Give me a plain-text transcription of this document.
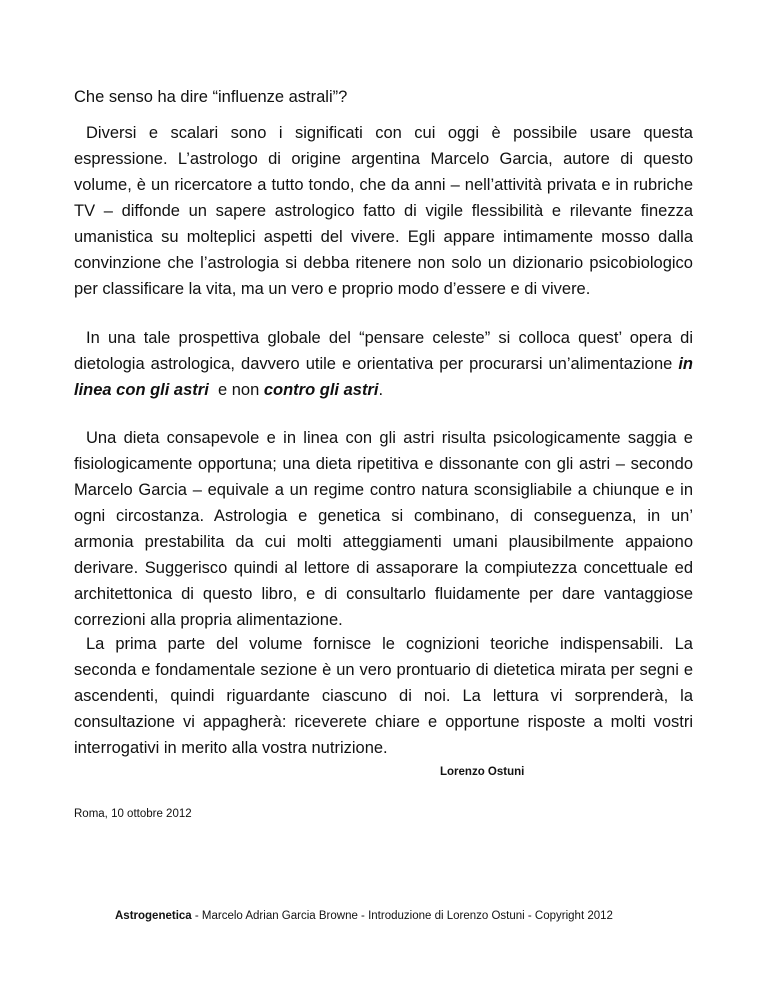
Che senso ha dire “influenze astrali”?

Diversi e scalari sono i significati con cui oggi è possibile usare questa espressione. L’astrologo di origine argentina Marcelo Garcia, autore di questo volume, è un ricercatore a tutto tondo, che da anni – nell’attività privata e in rubriche TV – diffonde un sapere astrologico fatto di vigile flessibilità e rilevante finezza umanistica su molteplici aspetti del vivere. Egli appare intimamente mosso dalla convinzione che l’astrologia si debba ritenere non solo un dizionario psicobiologico per classificare la vita, ma un vero e proprio modo d’essere e di vivere.

In una tale prospettiva globale del “pensare celeste” si colloca quest’ opera di dietologia astrologica, davvero utile e orientativa per procurarsi un’alimentazione in linea con gli astri  e non contro gli astri.

Una dieta consapevole e in linea con gli astri risulta psicologicamente saggia e fisiologicamente opportuna; una dieta ripetitiva e dissonante con gli astri – secondo Marcelo Garcia – equivale a un regime contro natura sconsigliabile a chiunque e in ogni circostanza. Astrologia e genetica si combinano, di conseguenza, in un’ armonia prestabilita da cui molti atteggiamenti umani plausibilmente appaiono derivare. Suggerisco quindi al lettore di assaporare la compiutezza concettuale ed architettonica di questo libro, e di consultarlo fluidamente per dare vantaggiose correzioni alla propria alimentazione.

La prima parte del volume fornisce le cognizioni teoriche indispensabili. La seconda e fondamentale sezione è un vero prontuario di dietetica mirata per segni e ascendenti, quindi riguardante ciascuno di noi. La lettura vi sorprenderà, la consultazione vi appagherà: riceverete chiare e opportune risposte a molti vostri interrogativi in merito alla vostra nutrizione.

Lorenzo Ostuni
Roma, 10 ottobre 2012
Astrogenetica - Marcelo Adrian Garcia Browne - Introduzione di Lorenzo Ostuni - Copyright 2012
